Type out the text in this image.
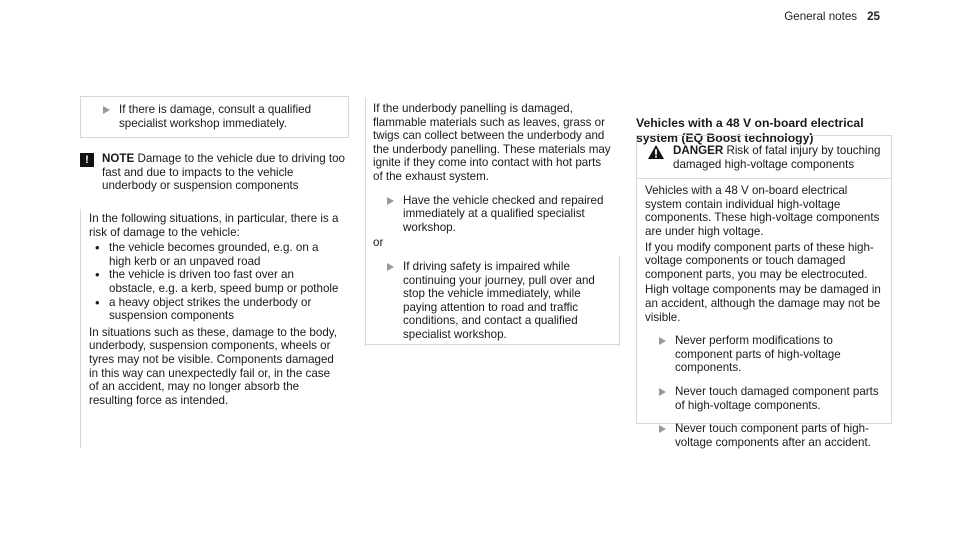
General notes 25

If there is damage, consult a qualified specialist workshop immediately.

!	NOTE Damage to the vehicle due to driving too fast and due to impacts to the vehicle underbody or suspension components

In the following situations, in particular, there is a risk of damage to the vehicle:

• the vehicle becomes grounded, e.g. on a high kerb or an unpaved road
• the vehicle is driven too fast over an obstacle, e.g. a kerb, speed bump or pothole
• a heavy object strikes the underbody or suspension components

In situations such as these, damage to the body, underbody, suspension components, wheels or tyres may not be visible. Components damaged in this way can unexpectedly fail or, in the case of an accident, may no longer absorb the resulting force as intended.

If the underbody panelling is damaged, flammable materials such as leaves, grass or twigs can collect between the underbody and the underbody panelling. These materials may ignite if they come into contact with hot parts of the exhaust system.

Have the vehicle checked and repaired immediately at a qualified specialist workshop.

or

If driving safety is impaired while continuing your journey, pull over and stop the vehicle immediately, while paying attention to road and traffic conditions, and contact a qualified specialist workshop.

Vehicles with a 48 V on-board electrical system (EQ Boost technology)

DANGER Risk of fatal injury by touching damaged high-voltage components

Vehicles with a 48 V on-board electrical system contain individual high-voltage components. These high-voltage components are under high voltage.

If you modify component parts of these high-voltage components or touch damaged component parts, you may be electrocuted.

High voltage components may be damaged in an accident, although the damage may not be visible.

Never perform modifications to component parts of high-voltage components.

Never touch damaged component parts of high-voltage components.

Never touch component parts of high-voltage components after an accident.
